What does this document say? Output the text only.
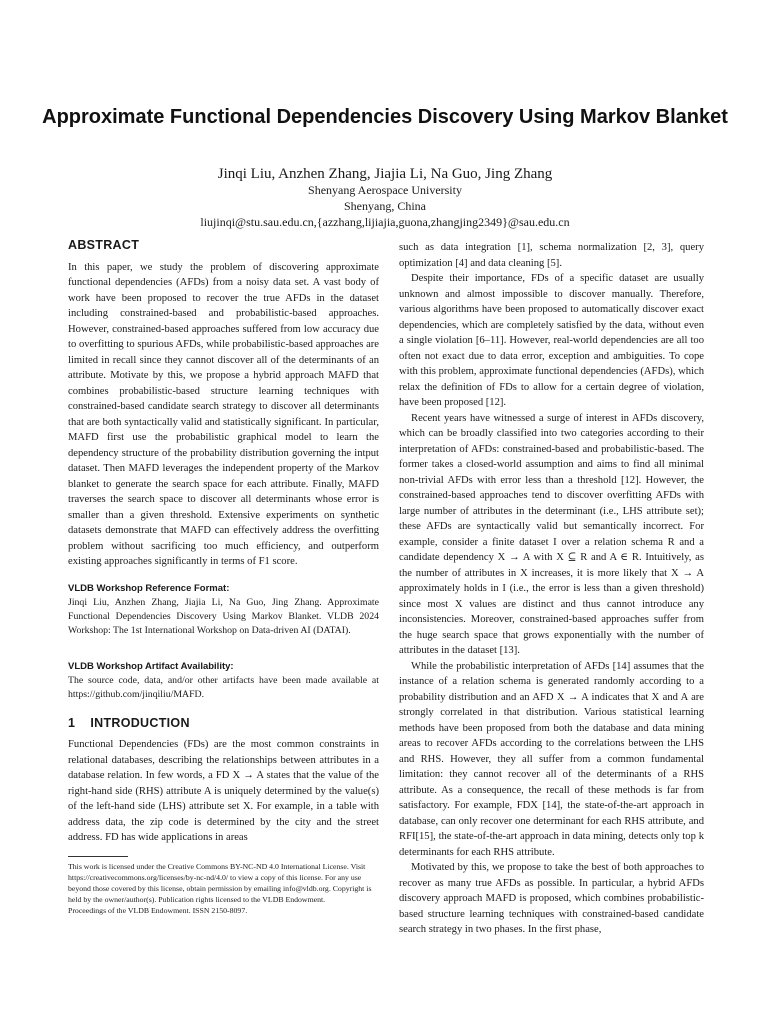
Approximate Functional Dependencies Discovery Using Markov Blanket
Jinqi Liu, Anzhen Zhang, Jiajia Li, Na Guo, Jing Zhang
Shenyang Aerospace University
Shenyang, China
liujinqi@stu.sau.edu.cn,{azzhang,lijiajia,guona,zhangjing2349}@sau.edu.cn
ABSTRACT

In this paper, we study the problem of discovering approximate functional dependencies (AFDs) from a noisy data set. A vast body of work have been proposed to recover the true AFDs in the dataset including constrained-based and probabilistic-based approaches. However, constrained-based approaches suffered from low accuracy due to overfitting to spurious AFDs, while probabilistic-based approaches are limited in recall since they cannot discover all of the determinants of an attribute. Motivate by this, we propose a hybrid approach MAFD that combines probabilistic-based structure learning techniques with constrained-based candidate search strategy to discover all determinants that are both syntactically valid and statistically significant. In particular, MAFD first use the probabilistic graphical model to learn the dependency structure of the probability distribution governing the intput dataset. Then MAFD leverages the independent property of the Markov blanket to generate the search space for each attribute. Finally, MAFD traverses the search space to discover all determinants whose error is smaller than a given threshold. Extensive experiments on synthetic datasets demonstrate that MAFD can effectively address the overfitting problem without sacrificing too much efficiency, and outperform existing approaches significantly in terms of F1 score.

VLDB Workshop Reference Format:

Jinqi Liu, Anzhen Zhang, Jiajia Li, Na Guo, Jing Zhang. Approximate Functional Dependencies Discovery Using Markov Blanket. VLDB 2024 Workshop: The 1st International Workshop on Data-driven AI (DATAI).

VLDB Workshop Artifact Availability:

The source code, data, and/or other artifacts have been made available at https://github.com/jinqiliu/MAFD.

1    INTRODUCTION

Functional Dependencies (FDs) are the most common constraints in relational databases, describing the relationships between attributes in a database relation. In few words, a FD X → A states that the value of the right-hand side (RHS) attribute A is uniquely determined by the value(s) of the left-hand side (LHS) attribute set X. For example, in a table with address data, the zip code is determined by the city and the street address. FD has wide applications in areas

This work is licensed under the Creative Commons BY-NC-ND 4.0 International License. Visit https://creativecommons.org/licenses/by-nc-nd/4.0/ to view a copy of this license. For any use beyond those covered by this license, obtain permission by emailing info@vldb.org. Copyright is held by the owner/author(s). Publication rights licensed to the VLDB Endowment.

Proceedings of the VLDB Endowment. ISSN 2150-8097.

such as data integration [1], schema normalization [2, 3], query optimization [4] and data cleaning [5].

Despite their importance, FDs of a specific dataset are usually unknown and almost impossible to discover manually. Therefore, various algorithms have been proposed to automatically discover exact dependencies, which are completely satisfied by the data, without even a single violation [6–11]. However, real-world dependencies are all too often not exact due to data error, exception and ambiguities. To cope with this problem, approximate functional dependencies (AFDs), which relax the definition of FDs to allow for a certain degree of violation, have been proposed [12].

Recent years have witnessed a surge of interest in AFDs discovery, which can be broadly classified into two categories according to their interpretation of AFDs: constrained-based and probabilistic-based. The former takes a closed-world assumption and aims to find all minimal non-trivial AFDs with error less than a threshold [12]. However, the constrained-based approaches tend to discover overfitting AFDs with large number of attributes in the determinant (i.e., LHS attribute set); these AFDs are syntactically valid but semantically incorrect. For example, consider a finite dataset I over a relation schema R and a candidate dependency X → A with X ⊆ R and A ∈ R. Intuitively, as the number of attributes in X increases, it is more likely that X → A approximately holds in I (i.e., the error is less than a given threshold) since most X values are distinct and thus cannot introduce any inconsistencies. Moreover, constrained-based approaches suffer from the huge search space that grows exponentially with the number of attributes in the dataset [13].

While the probabilistic interpretation of AFDs [14] assumes that the instance of a relation schema is generated randomly according to a probability distribution and an AFD X → A indicates that X and A are strongly correlated in that distribution. Various statistical learning methods have been proposed from both the database and data mining areas to recover AFDs according to the correlations between the LHS and RHS. However, they all suffer from a common fundamental limitation: they cannot recover all of the determinants of a RHS attribute. As a consequence, the recall of these methods is far from satisfactory. For example, FDX [14], the state-of-the-art approach in database, can only recover one determinant for each RHS attribute, and RFI[15], the state-of-the-art approach in data mining, detects only top k determinants for each RHS attribute.

Motivated by this, we propose to take the best of both approaches to recover as many true AFDs as possible. In particular, a hybrid AFDs discovery approach MAFD is proposed, which combines probabilistic-based structure learning techniques with constrained-based candidate search strategy in two phases. In the first phase,
